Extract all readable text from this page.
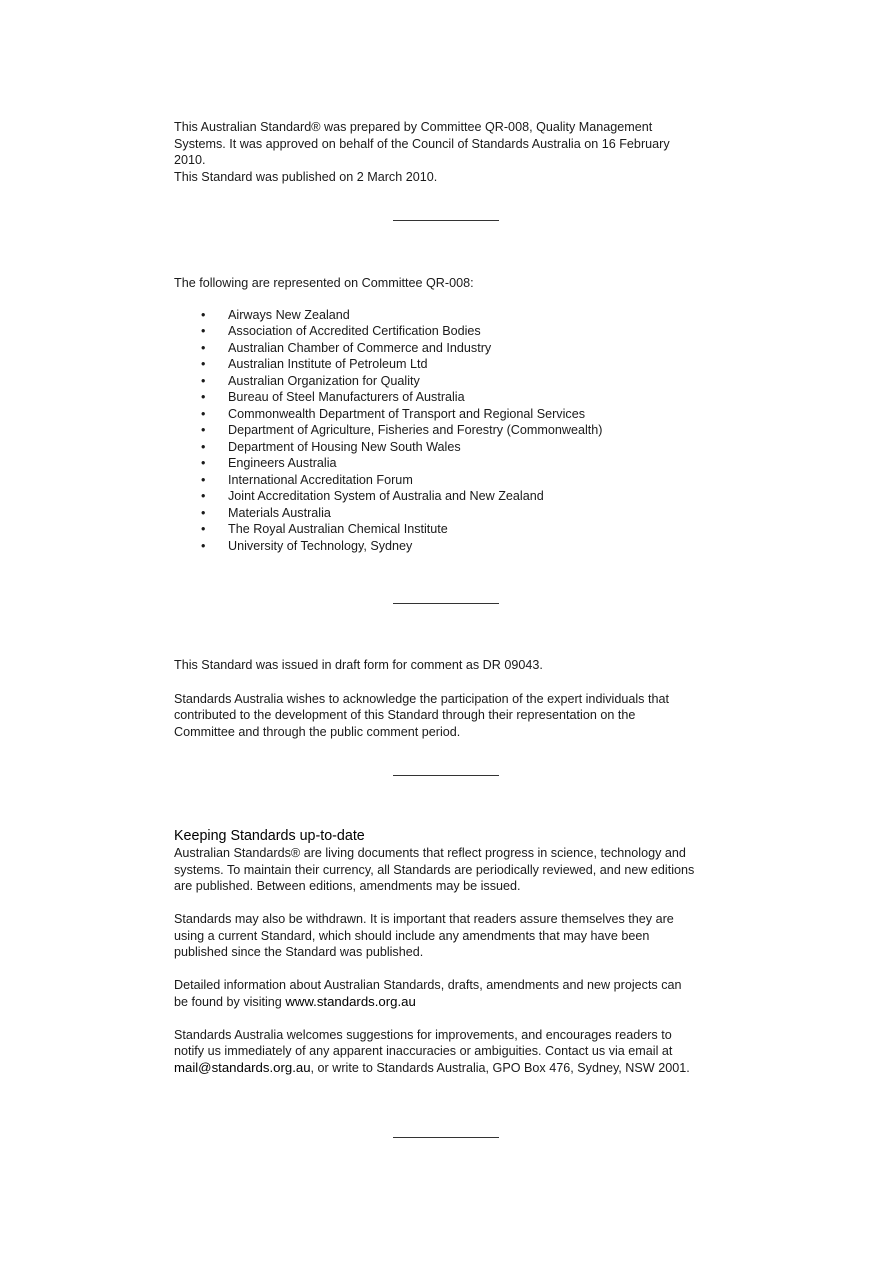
This Australian Standard® was prepared by Committee QR-008, Quality Management

Systems. It was approved on behalf of the Council of Standards Australia on 16 February

2010.

This Standard was published on 2 March 2010.

The following are represented on Committee QR-008:

• Airways New Zealand
• Association of Accredited Certification Bodies
• Australian Chamber of Commerce and Industry
• Australian Institute of Petroleum Ltd
• Australian Organization for Quality
• Bureau of Steel Manufacturers of Australia
• Commonwealth Department of Transport and Regional Services
• Department of Agriculture, Fisheries and Forestry (Commonwealth)
• Department of Housing New South Wales
• Engineers Australia
• International Accreditation Forum
• Joint Accreditation System of Australia and New Zealand
• Materials Australia
• The Royal Australian Chemical Institute
• University of Technology, Sydney

This Standard was issued in draft form for comment as DR 09043.

Standards Australia wishes to acknowledge the participation of the expert individuals that

contributed to the development of this Standard through their representation on the

Committee and through the public comment period.

Keeping Standards up-to-date

Australian Standards® are living documents that reflect progress in science, technology and

systems. To maintain their currency, all Standards are periodically reviewed, and new editions

are published. Between editions, amendments may be issued.

Standards may also be withdrawn. It is important that readers assure themselves they are

using a current Standard, which should include any amendments that may have been

published since the Standard was published.

Detailed information about Australian Standards, drafts, amendments and new projects can

be found by visiting www.standards.org.au

Standards Australia welcomes suggestions for improvements, and encourages readers to

notify us immediately of any apparent inaccuracies or ambiguities. Contact us via email at

mail@standards.org.au, or write to Standards Australia, GPO Box 476, Sydney, NSW 2001.
